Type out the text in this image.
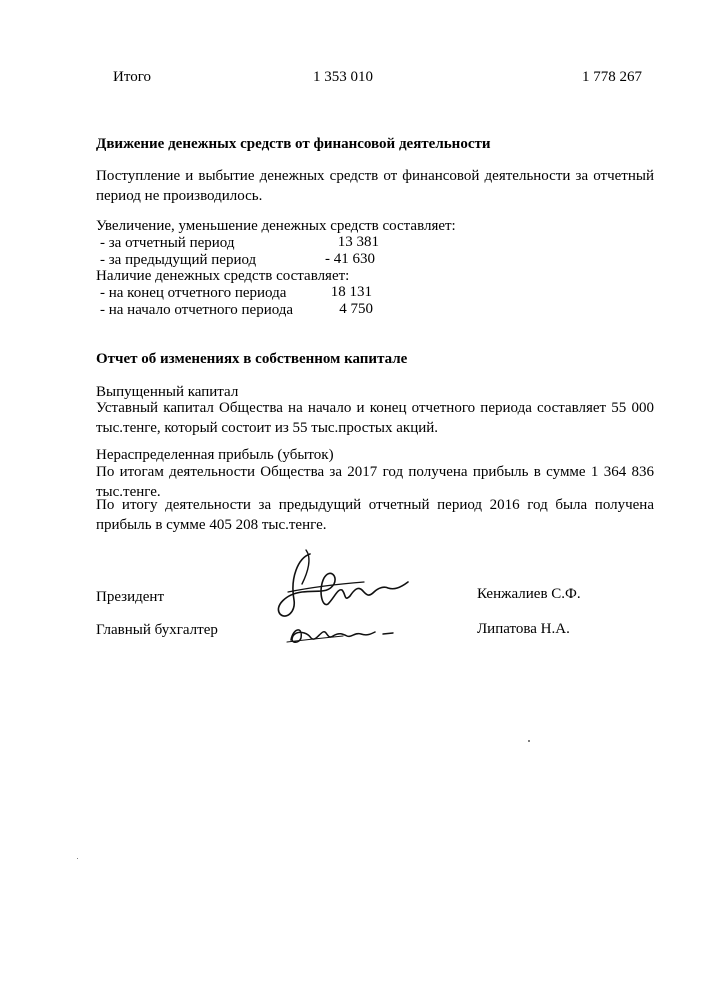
Итого	1 353 010	1 778 267
Движение денежных средств от финансовой деятельности
Поступление и выбытие денежных средств от финансовой деятельности за отчетный период не производилось.
Увеличение, уменьшение денежных средств составляет:
- за отчетный период	13 381
- за предыдущий период	- 41 630
Наличие денежных средств составляет:
- на конец отчетного периода	18 131
- на начало отчетного периода	4 750
Отчет об изменениях в собственном капитале
Выпущенный капитал
Уставный капитал Общества на начало и конец отчетного периода составляет 55 000 тыс.тенге, который состоит из 55 тыс.простых акций.
Нераспределенная прибыль (убыток)
По итогам деятельности Общества за 2017 год получена прибыль в сумме 1 364 836 тыс.тенге.
По итогу деятельности за предыдущий отчетный период 2016 год была получена прибыль в сумме 405 208 тыс.тенге.
Президент	Кенжалиев С.Ф.
Главный бухгалтер	Липатова Н.А.
